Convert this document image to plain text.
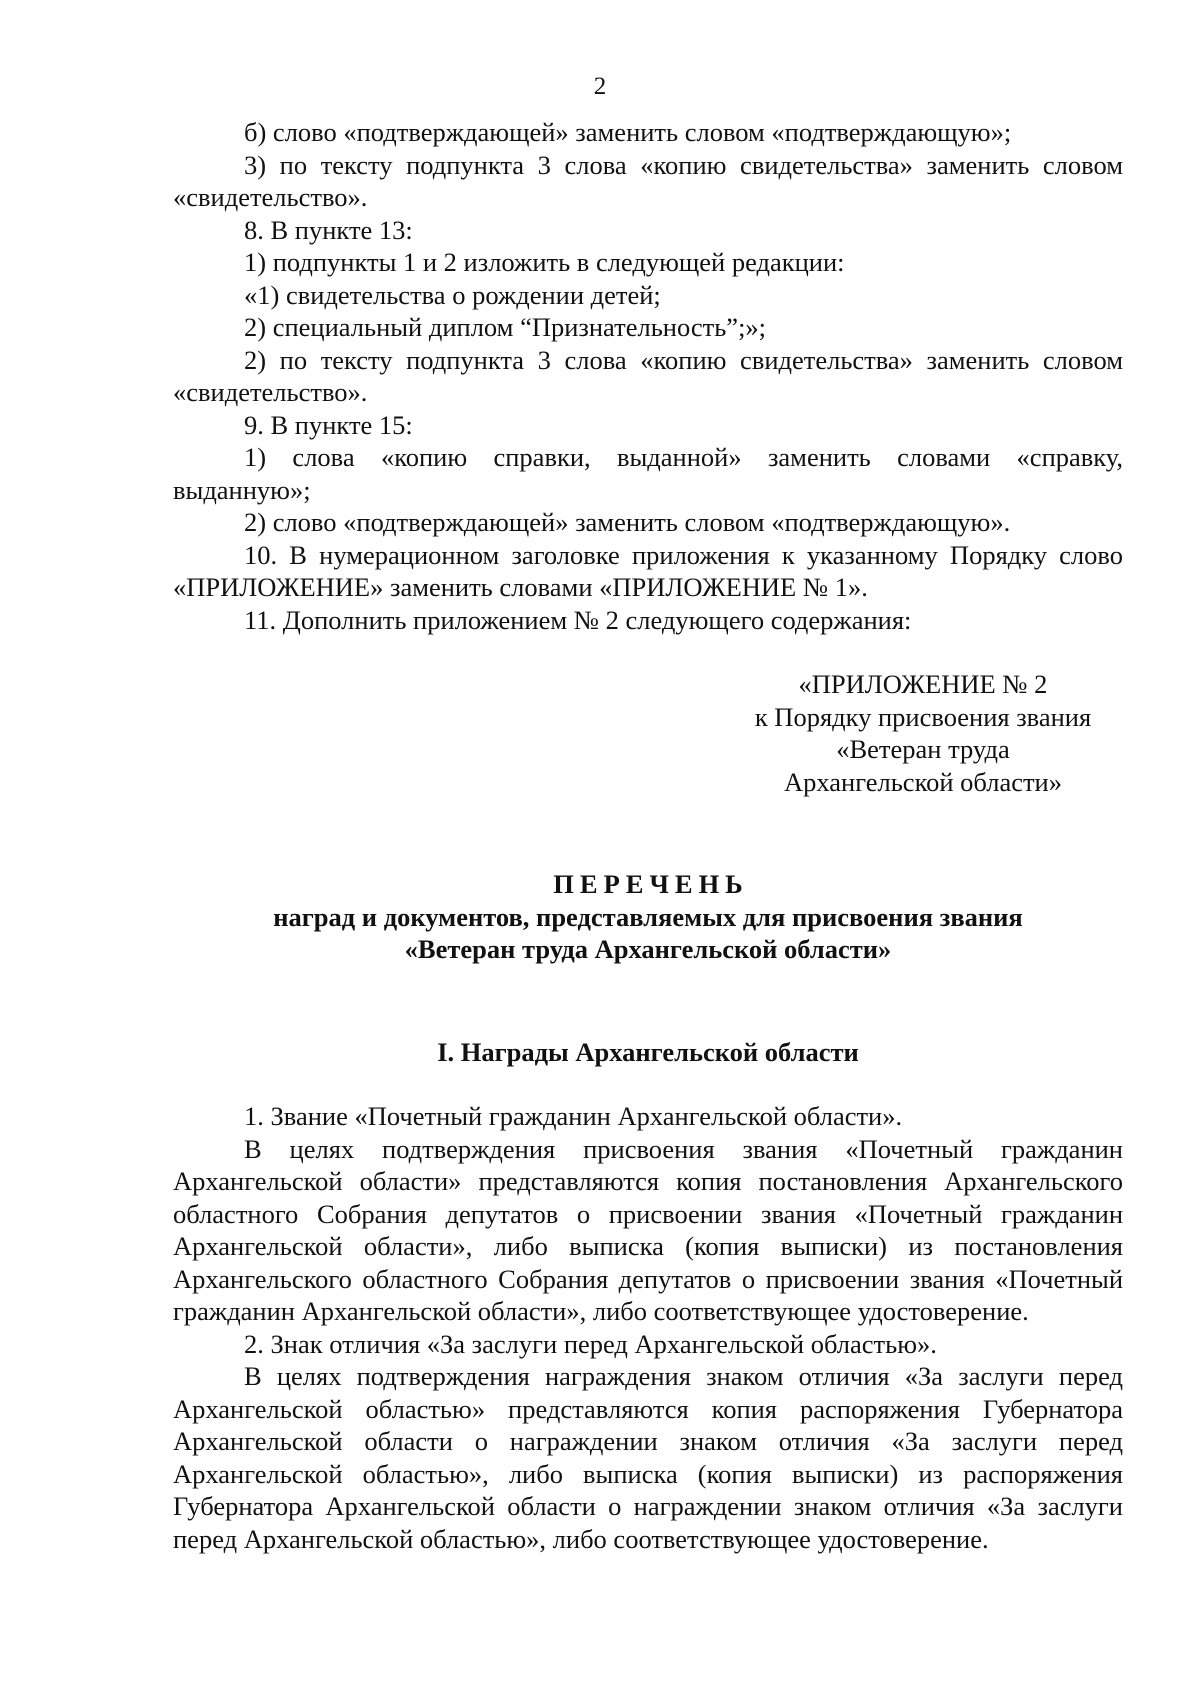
2

б) слово «подтверждающей» заменить словом «подтверждающую»;

3) по тексту подпункта 3 слова «копию свидетельства» заменить словом «свидетельство».

8. В пункте 13:

1) подпункты 1 и 2 изложить в следующей редакции:

«1) свидетельства о рождении детей;

2) специальный диплом “Признательность”;»;

2) по тексту подпункта 3 слова «копию свидетельства» заменить словом «свидетельство».

9. В пункте 15:

1) слова «копию справки, выданной» заменить словами «справку, выданную»;

2) слово «подтверждающей» заменить словом «подтверждающую».

10. В нумерационном заголовке приложения к указанному Порядку слово «ПРИЛОЖЕНИЕ» заменить словами «ПРИЛОЖЕНИЕ № 1».

11. Дополнить приложением № 2 следующего содержания:

«ПРИЛОЖЕНИЕ № 2
к Порядку присвоения звания
«Ветеран труда
Архангельской области»
ПЕРЕЧЕНЬ
наград и документов, представляемых для присвоения звания
«Ветеран труда Архангельской области»
I. Награды Архангельской области

1. Звание «Почетный гражданин Архангельской области».

В целях подтверждения присвоения звания «Почетный гражданин Архангельской области» представляются копия постановления Архангельского областного Собрания депутатов о присвоении звания «Почетный гражданин Архангельской области», либо выписка (копия выписки) из постановления Архангельского областного Собрания депутатов о присвоении звания «Почетный гражданин Архангельской области», либо соответствующее удостоверение.

2. Знак отличия «За заслуги перед Архангельской областью».

В целях подтверждения награждения знаком отличия «За заслуги перед Архангельской областью» представляются копия распоряжения Губернатора Архангельской области о награждении знаком отличия «За заслуги перед Архангельской областью», либо выписка (копия выписки) из распоряжения Губернатора Архангельской области о награждении знаком отличия «За заслуги перед Архангельской областью», либо соответствующее удостоверение.
